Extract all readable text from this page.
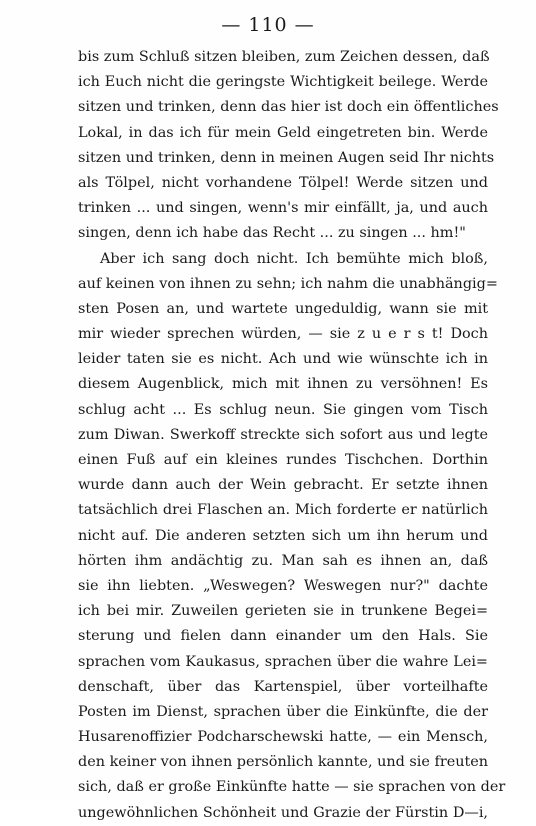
— 110 —
bis zum Schluß sitzen bleiben, zum Zeichen dessen, daß
ich Euch nicht die geringste Wichtigkeit beilege. Werde
sitzen und trinken, denn das hier ist doch ein öffentliches
Lokal, in das ich für mein Geld eingetreten bin. Werde
sitzen und trinken, denn in meinen Augen seid Ihr nichts
als Tölpel, nicht vorhandene Tölpel! Werde sitzen und
trinken ... und singen, wenn's mir einfällt, ja, und auch
singen, denn ich habe das Recht ... zu singen ... hm!"
Aber ich sang doch nicht. Ich bemühte mich bloß,
auf keinen von ihnen zu sehn; ich nahm die unabhängig=
sten Posen an, und wartete ungeduldig, wann sie mit
mir wieder sprechen würden, — sie z u e r s t! Doch
leider taten sie es nicht. Ach und wie wünschte ich in
diesem Augenblick, mich mit ihnen zu versöhnen! Es
schlug acht ... Es schlug neun. Sie gingen vom Tisch
zum Diwan. Swerkoff streckte sich sofort aus und legte
einen Fuß auf ein kleines rundes Tischchen. Dorthin
wurde dann auch der Wein gebracht. Er setzte ihnen
tatsächlich drei Flaschen an. Mich forderte er natürlich
nicht auf. Die anderen setzten sich um ihn herum und
hörten ihm andächtig zu. Man sah es ihnen an, daß
sie ihn liebten. „Weswegen? Weswegen nur?" dachte
ich bei mir. Zuweilen gerieten sie in trunkene Begei=
sterung und fielen dann einander um den Hals. Sie
sprachen vom Kaukasus, sprachen über die wahre Lei=
denschaft, über das Kartenspiel, über vorteilhafte
Posten im Dienst, sprachen über die Einkünfte, die der
Husarenoffizier Podcharschewski hatte, — ein Mensch,
den keiner von ihnen persönlich kannte, und sie freuten
sich, daß er große Einkünfte hatte — sie sprachen von der
ungewöhnlichen Schönheit und Grazie der Fürstin D—i,
